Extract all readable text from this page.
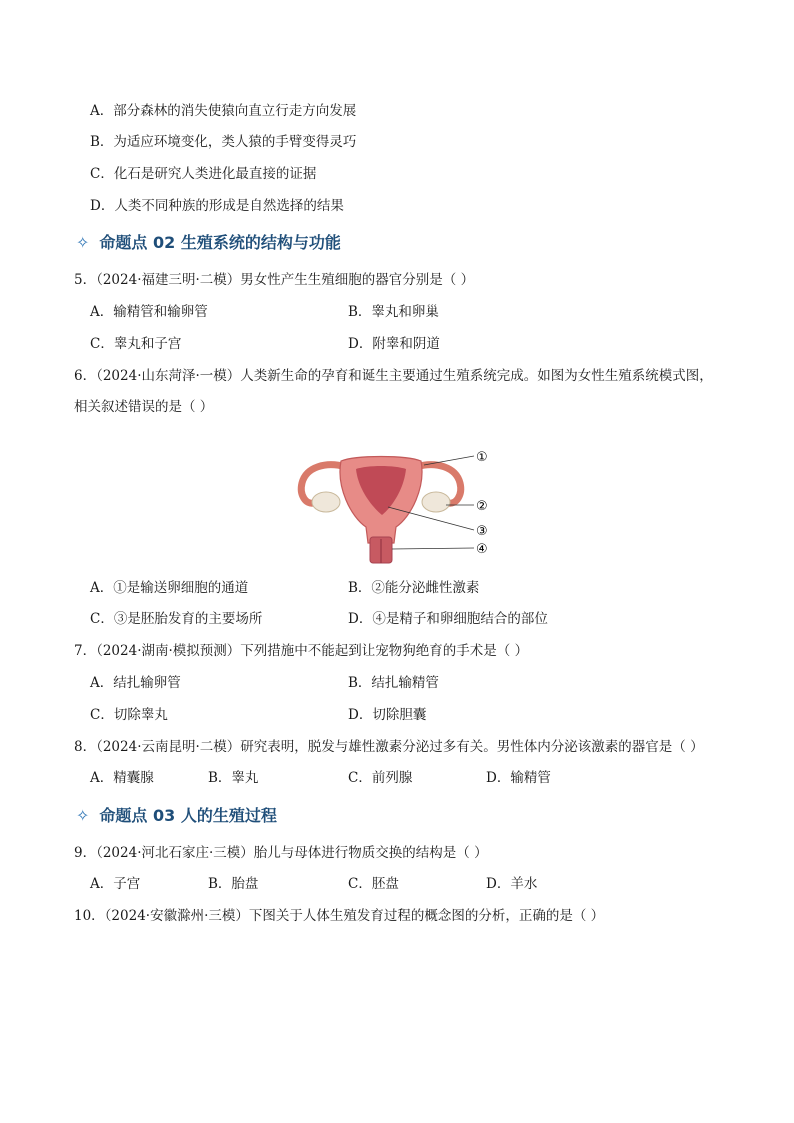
A．部分森林的消失使猿向直立行走方向发展
B．为适应环境变化，类人猿的手臂变得灵巧
C．化石是研究人类进化最直接的证据
D．人类不同种族的形成是自然选择的结果
✧ 命题点 02 生殖系统的结构与功能
5．（2024·福建三明·二模）男女性产生生殖细胞的器官分别是（ ）
A．输精管和输卵管	B．睾丸和卵巢
C．睾丸和子宫	D．附睾和阴道
6．（2024·山东菏泽·一模）人类新生命的孕育和诞生主要通过生殖系统完成。如图为女性生殖系统模式图，
相关叙述错误的是（ ）
①
②
③
④
A．①是输送卵细胞的通道	B．②能分泌雌性激素
C．③是胚胎发育的主要场所	D．④是精子和卵细胞结合的部位
7．（2024·湖南·模拟预测）下列措施中不能起到让宠物狗绝育的手术是（ ）
A．结扎输卵管	B．结扎输精管
C．切除睾丸	D．切除胆囊
8．（2024·云南昆明·二模）研究表明，脱发与雄性激素分泌过多有关。男性体内分泌该激素的器官是（ ）
A．精囊腺	B．睾丸	C．前列腺	D．输精管
✧ 命题点 03 人的生殖过程
9．（2024·河北石家庄·三模）胎儿与母体进行物质交换的结构是（ ）
A．子宫	B．胎盘	C．胚盘	D．羊水
10．（2024·安徽滁州·三模）下图关于人体生殖发育过程的概念图的分析，正确的是（ ）
